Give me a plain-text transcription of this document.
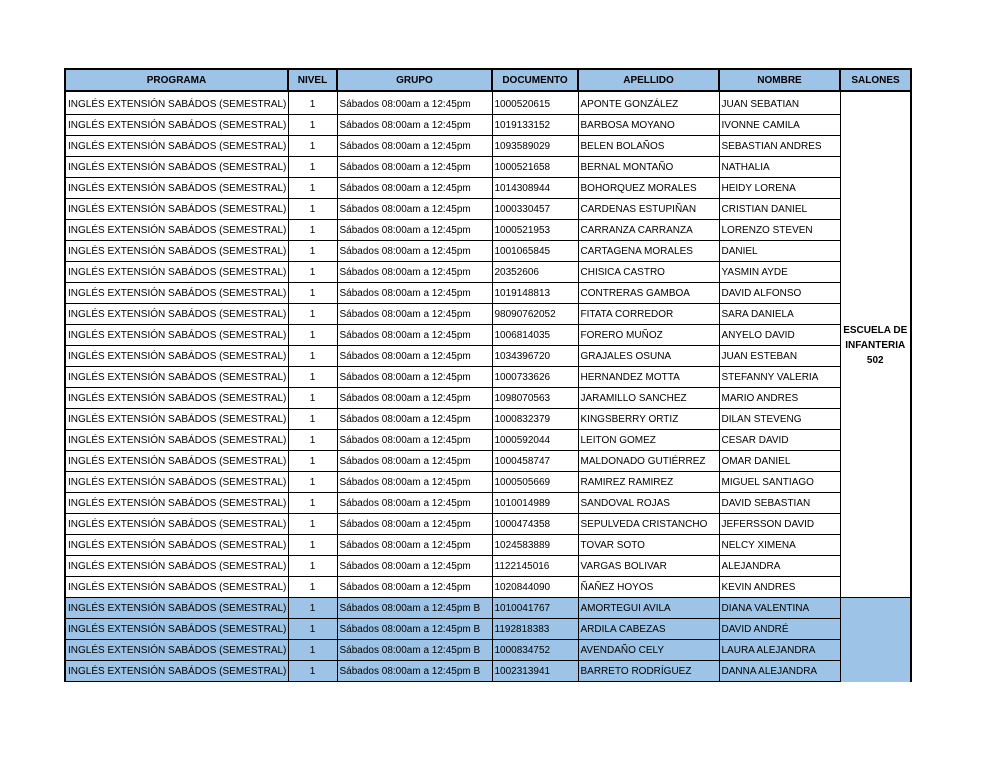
PROGRAMA	NIVEL	GRUPO	DOCUMENTO	APELLIDO	NOMBRE	SALONES
INGLÉS EXTENSIÓN SABÁDOS (SEMESTRAL)	1	Sábados 08:00am a 12:45pm	1000520615	APONTE GONZÁLEZ	JUAN SEBATIAN	ESCUELA DE
INFANTERIA
502

INGLÉS EXTENSIÓN SABÁDOS (SEMESTRAL)	1	Sábados 08:00am a 12:45pm	1019133152	BARBOSA MOYANO	IVONNE CAMILA	
INGLÉS EXTENSIÓN SABÁDOS (SEMESTRAL)	1	Sábados 08:00am a 12:45pm	1093589029	BELEN BOLAÑOS	SEBASTIAN ANDRES	
INGLÉS EXTENSIÓN SABÁDOS (SEMESTRAL)	1	Sábados 08:00am a 12:45pm	1000521658	BERNAL MONTAÑO	NATHALIA	
INGLÉS EXTENSIÓN SABÁDOS (SEMESTRAL)	1	Sábados 08:00am a 12:45pm	1014308944	BOHORQUEZ MORALES	HEIDY LORENA	
INGLÉS EXTENSIÓN SABÁDOS (SEMESTRAL)	1	Sábados 08:00am a 12:45pm	1000330457	CARDENAS ESTUPIÑAN	CRISTIAN DANIEL	
INGLÉS EXTENSIÓN SABÁDOS (SEMESTRAL)	1	Sábados 08:00am a 12:45pm	1000521953	CARRANZA CARRANZA	LORENZO STEVEN	
INGLÉS EXTENSIÓN SABÁDOS (SEMESTRAL)	1	Sábados 08:00am a 12:45pm	1001065845	CARTAGENA MORALES	DANIEL	
INGLÉS EXTENSIÓN SABÁDOS (SEMESTRAL)	1	Sábados 08:00am a 12:45pm	20352606	CHISICA CASTRO	YASMIN AYDE	
INGLÉS EXTENSIÓN SABÁDOS (SEMESTRAL)	1	Sábados 08:00am a 12:45pm	1019148813	CONTRERAS GAMBOA	DAVID ALFONSO	
INGLÉS EXTENSIÓN SABÁDOS (SEMESTRAL)	1	Sábados 08:00am a 12:45pm	98090762052	FITATA CORREDOR	SARA DANIELA	
INGLÉS EXTENSIÓN SABÁDOS (SEMESTRAL)	1	Sábados 08:00am a 12:45pm	1006814035	FORERO MUÑOZ	ANYELO DAVID	
INGLÉS EXTENSIÓN SABÁDOS (SEMESTRAL)	1	Sábados 08:00am a 12:45pm	1034396720	GRAJALES OSUNA	JUAN ESTEBAN	
INGLÉS EXTENSIÓN SABÁDOS (SEMESTRAL)	1	Sábados 08:00am a 12:45pm	1000733626	HERNANDEZ MOTTA	STEFANNY VALERIA	
INGLÉS EXTENSIÓN SABÁDOS (SEMESTRAL)	1	Sábados 08:00am a 12:45pm	1098070563	JARAMILLO SANCHEZ	MARIO ANDRES	
INGLÉS EXTENSIÓN SABÁDOS (SEMESTRAL)	1	Sábados 08:00am a 12:45pm	1000832379	KINGSBERRY ORTIZ	DILAN STEVENG	
INGLÉS EXTENSIÓN SABÁDOS (SEMESTRAL)	1	Sábados 08:00am a 12:45pm	1000592044	LEITON GOMEZ	CESAR DAVID	
INGLÉS EXTENSIÓN SABÁDOS (SEMESTRAL)	1	Sábados 08:00am a 12:45pm	1000458747	MALDONADO GUTIÉRREZ	OMAR DANIEL	
INGLÉS EXTENSIÓN SABÁDOS (SEMESTRAL)	1	Sábados 08:00am a 12:45pm	1000505669	RAMIREZ RAMIREZ	MIGUEL SANTIAGO	
INGLÉS EXTENSIÓN SABÁDOS (SEMESTRAL)	1	Sábados 08:00am a 12:45pm	1010014989	SANDOVAL ROJAS	DAVID SEBASTIAN	
INGLÉS EXTENSIÓN SABÁDOS (SEMESTRAL)	1	Sábados 08:00am a 12:45pm	1000474358	SEPULVEDA CRISTANCHO	JEFERSSON DAVID	
INGLÉS EXTENSIÓN SABÁDOS (SEMESTRAL)	1	Sábados 08:00am a 12:45pm	1024583889	TOVAR SOTO	NELCY XIMENA	
INGLÉS EXTENSIÓN SABÁDOS (SEMESTRAL)	1	Sábados 08:00am a 12:45pm	1122145016	VARGAS BOLIVAR	ALEJANDRA	
INGLÉS EXTENSIÓN SABÁDOS (SEMESTRAL)	1	Sábados 08:00am a 12:45pm	1020844090	ÑAÑEZ HOYOS	KEVIN ANDRES	
INGLÉS EXTENSIÓN SABÁDOS (SEMESTRAL)	1	Sábados 08:00am a 12:45pm B	1010041767	AMORTEGUI AVILA	DIANA VALENTINA	
INGLÉS EXTENSIÓN SABÁDOS (SEMESTRAL)	1	Sábados 08:00am a 12:45pm B	1192818383	ARDILA CABEZAS	DAVID ANDRÉ	
INGLÉS EXTENSIÓN SABÁDOS (SEMESTRAL)	1	Sábados 08:00am a 12:45pm B	1000834752	AVENDAÑO CELY	LAURA ALEJANDRA	
INGLÉS EXTENSIÓN SABÁDOS (SEMESTRAL)	1	Sábados 08:00am a 12:45pm B	1002313941	BARRETO RODRÍGUEZ	DANNA ALEJANDRA	
